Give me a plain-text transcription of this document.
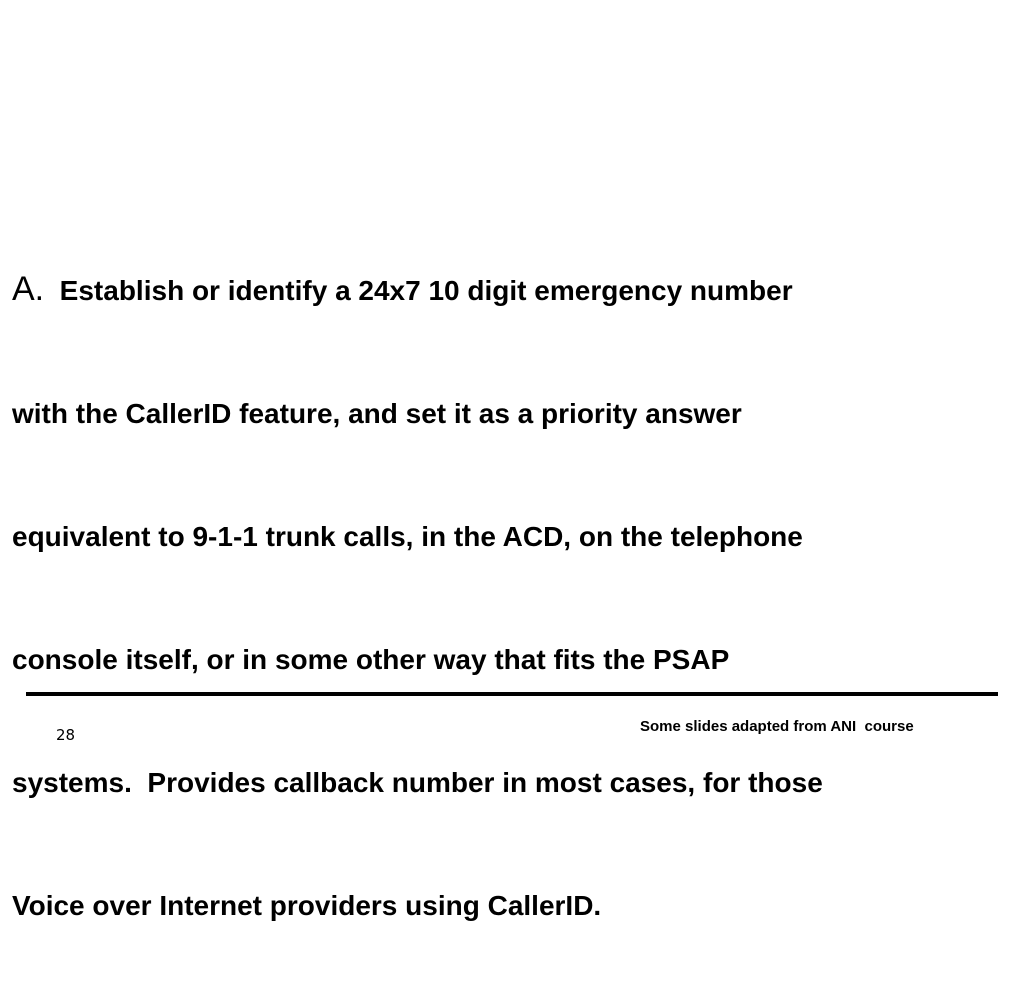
A.  Establish or identify a 24x7 10 digit emergency number

with the CallerID feature, and set it as a priority answer

equivalent to 9-1-1 trunk calls, in the ACD, on the telephone

console itself, or in some other way that fits the PSAP

systems.  Provides callback number in most cases, for those

Voice over Internet providers using CallerID.

28	Some slides adapted from ANI  course
